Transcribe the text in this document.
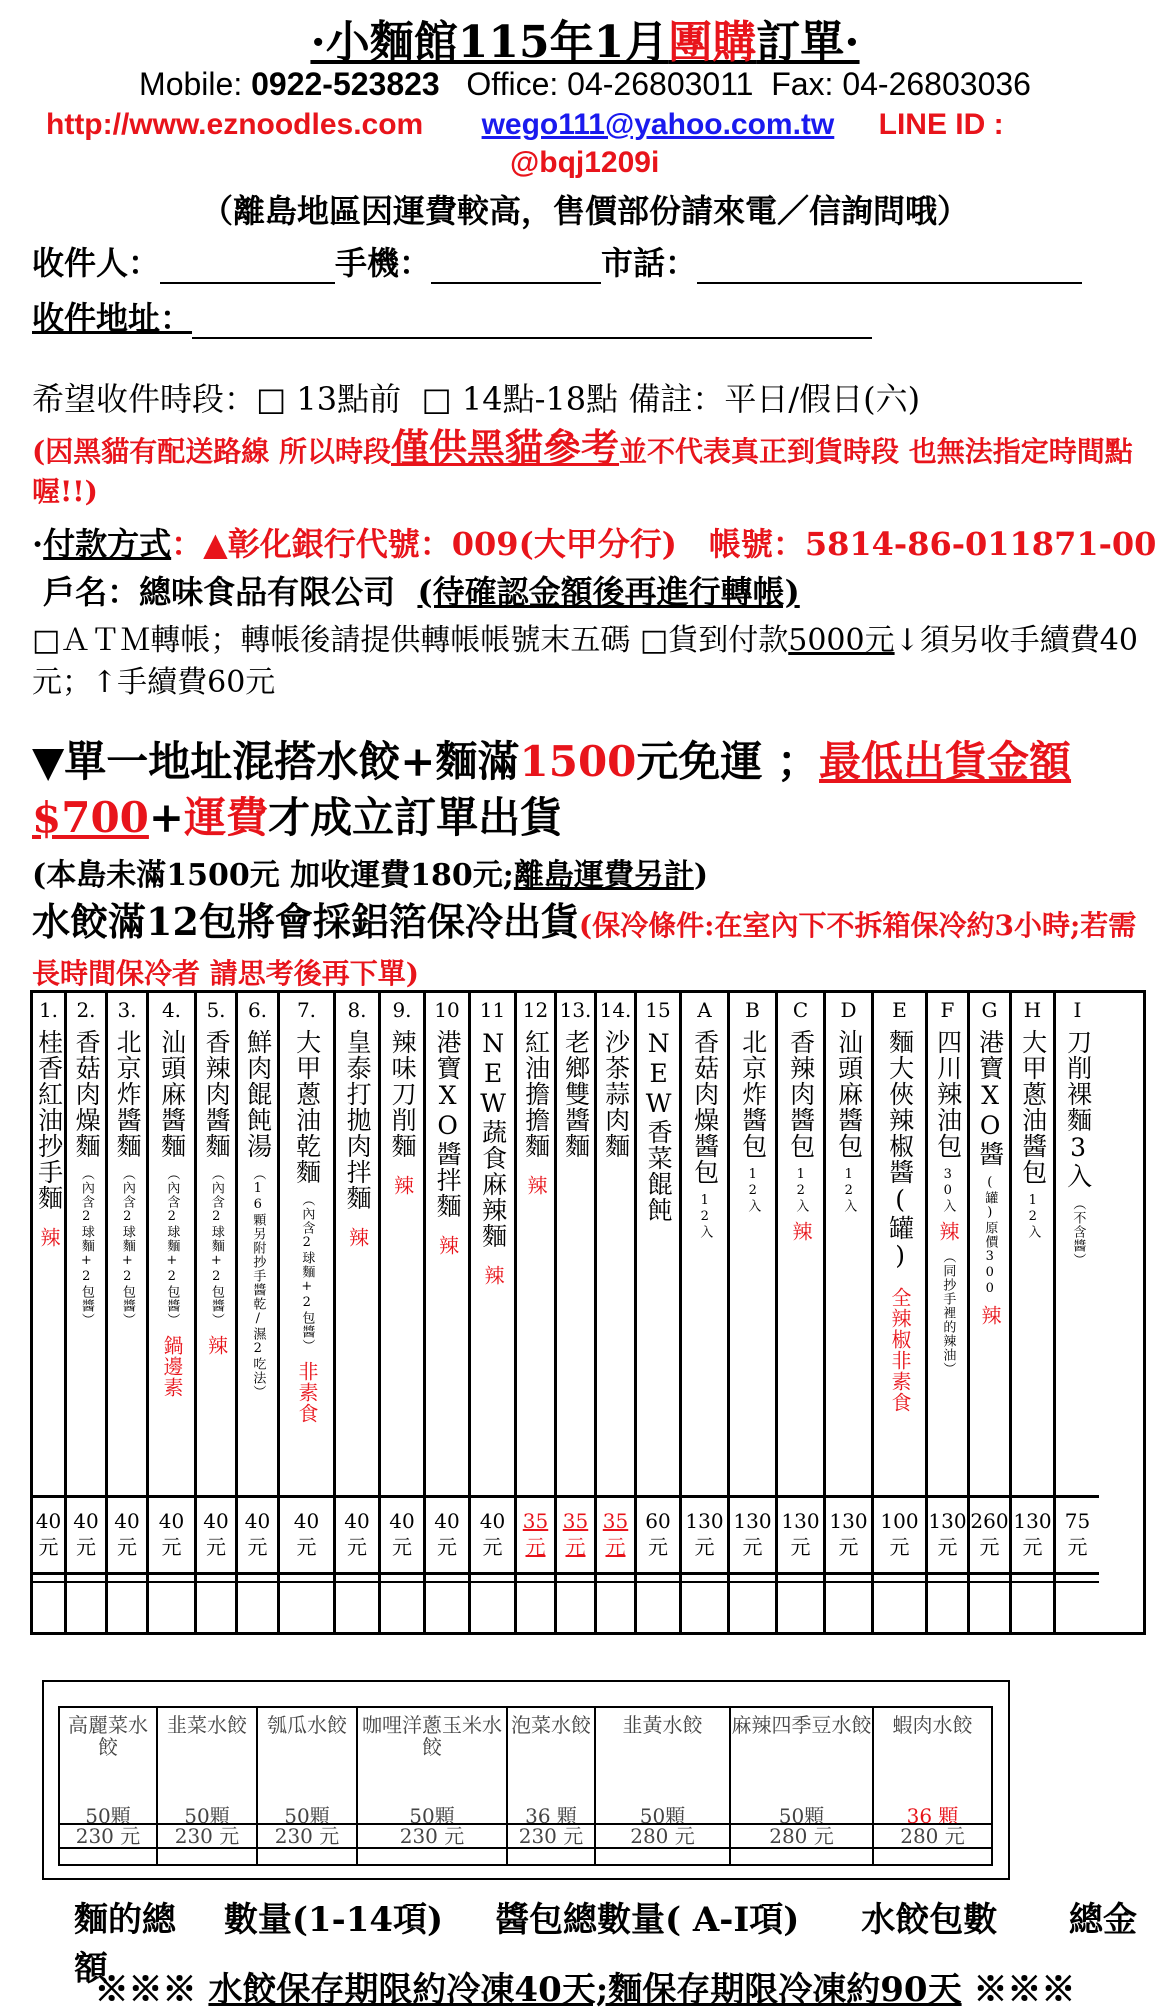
·小麵館115年1月團購訂單·
Mobile: 0922-523823 Office: 04-26803011 Fax: 04-26803036
http://www.eznoodles.com wego111@yahoo.com.tw LINE ID :
@bqj1209i
（離島地區因運費較高，售價部份請來電／信詢問哦）
收件人：	手機：	市話：
收件地址：
希望收件時段：□ 13點前 □ 14點-18點 備註：平日/假日(六)
(因黑貓有配送路線 所以時段僅供黑貓參考並不代表真正到貨時段 也無法指定時間點喔!!)
·付款方式：▲彰化銀行代號：009(大甲分行)　帳號：5814-86-011871-00  戶名：總味食品有限公司 (待確認金額後再進行轉帳)
□ＡＴＭ轉帳；轉帳後請提供轉帳帳號末五碼 □貨到付款5000元↓須另收手續費40元；↑手續費60元
▼單一地址混搭水餃+麵滿1500元免運 ；最低出貨金額 $700+運費才成立訂單出貨
(本島未滿1500元 加收運費180元;離島運費另計)
水餃滿12包將會採鋁箔保冷出貨(保冷條件:在室內下不拆箱保冷約3小時;若需長時間保冷者 請思考後再下單)
1.
桂香紅油抄手麵
辣
40
元
2.
香菇肉燥麵
（內含2球麵+2包醬）
40
元
3.
北京炸醬麵
（內含2球麵+2包醬）
40
元
4.
汕頭麻醬麵
（內含2球麵+2包醬）
鍋邊素
40
元
5.
香辣肉醬麵
（內含2球麵+2包醬）
辣
40
元
6.
鮮肉餛飩湯
（16顆另附抄手醬乾/濕2吃法）
40
元
7.
大甲蔥油乾麵
（內含2球麵+2包醬）
非素食
40
元
8.
皇泰打拋肉拌麵
辣
40
元
9.
辣味刀削麵
辣
40
元
10
港寶XO醬拌麵
辣
40
元
11
NEW蔬食麻辣麵
辣
40
元
12
紅油擔擔麵
辣
35
元
13.
老鄉雙醬麵
35
元
14.
沙茶蒜肉麵
35
元
15
NEW香菜餛飩
60
元
A
香菇肉燥醬包
12入
130
元
B
北京炸醬包
12入
130
元
C
香辣肉醬包
12入
辣
130
元
D
汕頭麻醬包
12入
130
元
E
麵大俠辣椒醬(罐)
全辣椒非素食
100
元
F
四川辣油包
30入
辣
（同抄手裡的辣油）
130
元
G
港寶XO醬
(罐)原價300
辣
260
元
H
大甲蔥油醬包
12入
130
元
I
刀削裸麵3入
（不含醬）
75
元
高麗菜水餃
50顆
230 元
韭菜水餃
50顆
230 元
瓠瓜水餃
50顆
230 元
咖哩洋蔥玉米水餃
50顆
230 元
泡菜水餃
36 顆
230 元
韭黃水餃
50顆
280 元
麻辣四季豆水餃
50顆
280 元
蝦肉水餃
36 顆
280 元
麵的總 數量(1-14項) 醬包總數量( A-I項) 水餃包數 總金額
※※※ 水餃保存期限約冷凍40天;麵保存期限冷凍約90天 ※※※
